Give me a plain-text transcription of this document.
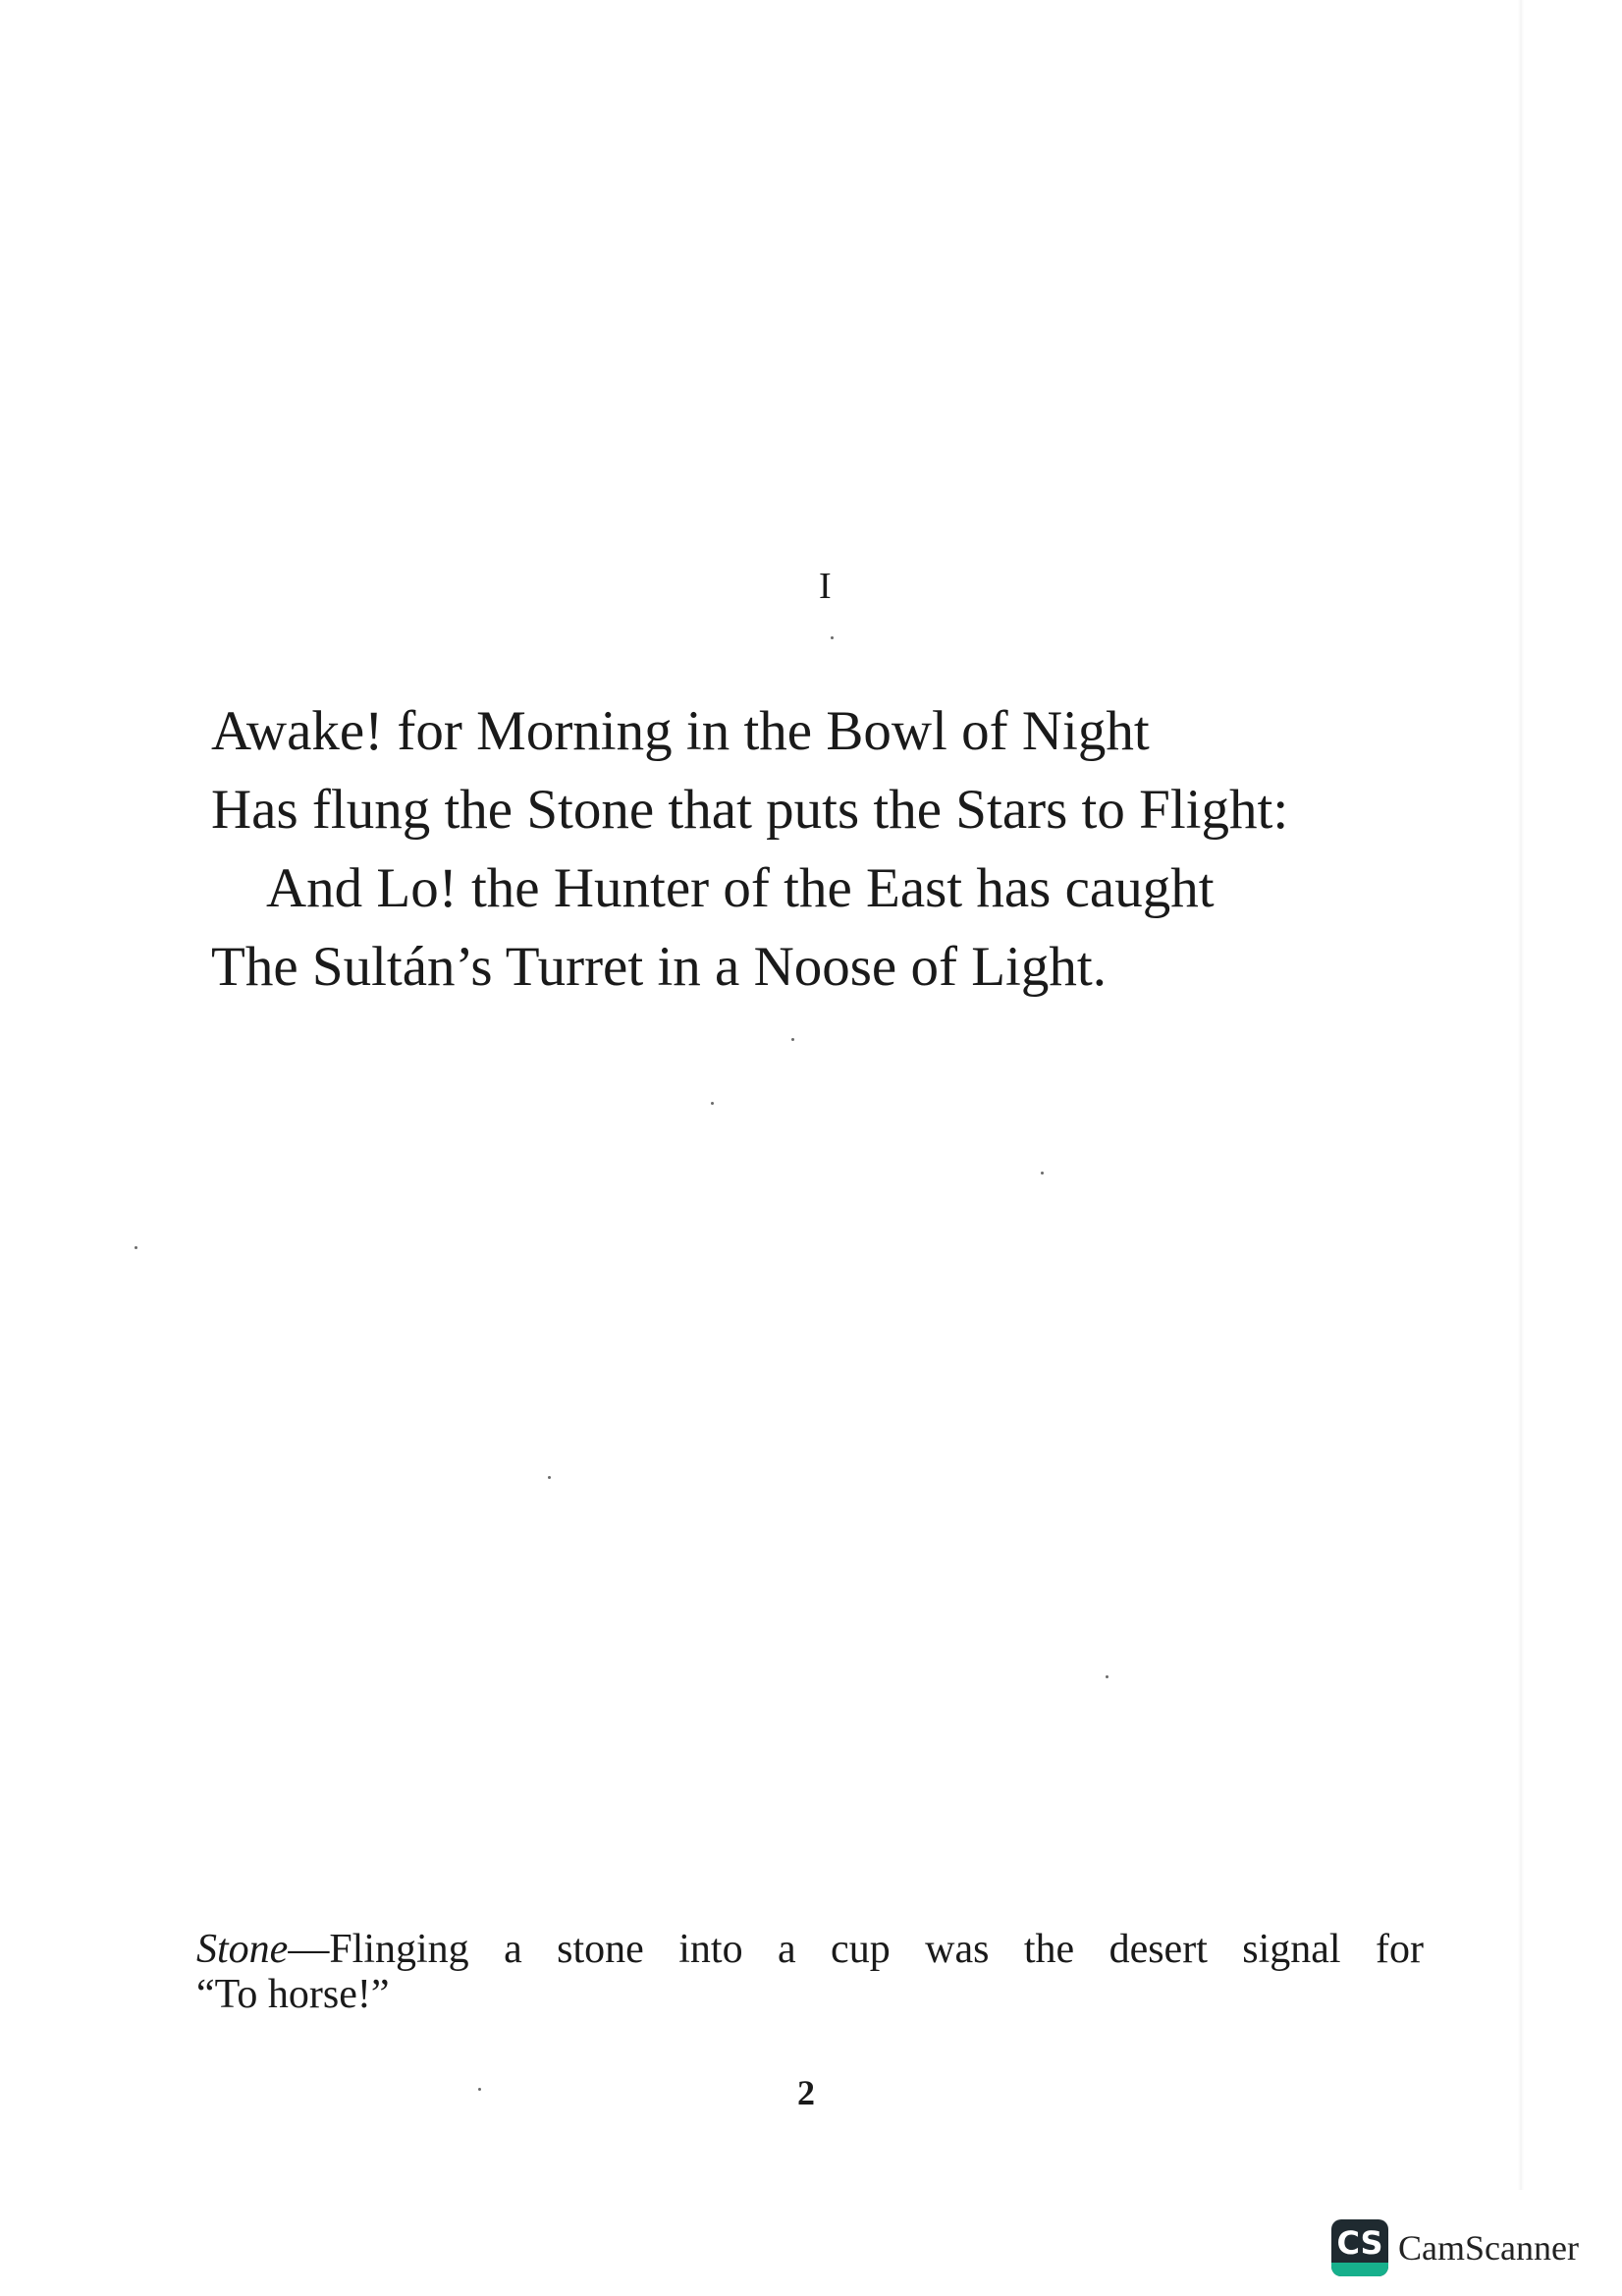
I
Awake! for Morning in the Bowl of Night
Has flung the Stone that puts the Stars to Flight:
And Lo! the Hunter of the East has caught
The Sultán’s Turret in a Noose of Light.
Stone—Flinging a stone into a cup was the desert signal for
“To horse!”
2
CS CamScanner
